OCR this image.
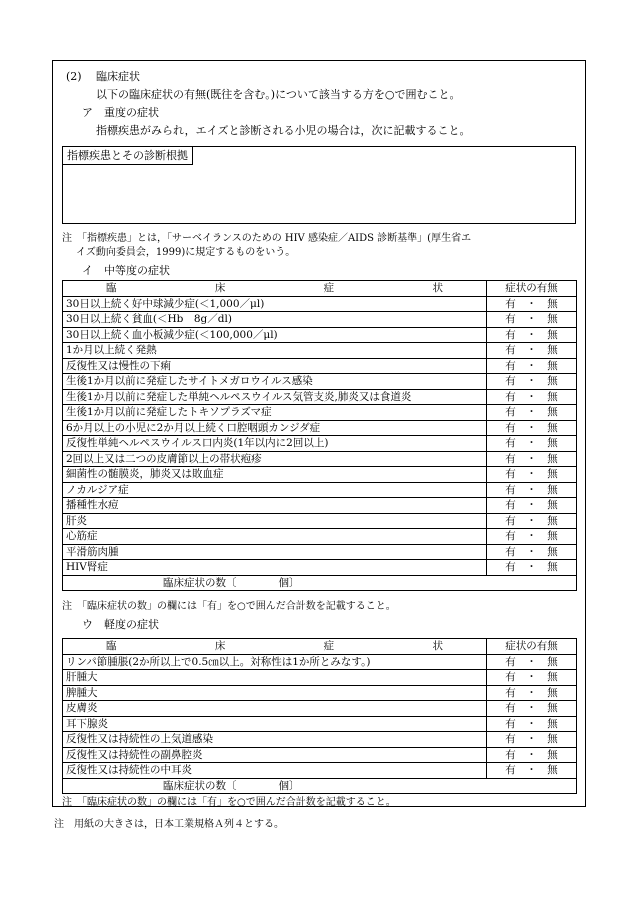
(2) 臨床症状
以下の臨床症状の有無(既往を含む。)について該当する方を○で囲むこと。
ア　重度の症状
指標疾患がみられ，エイズと診断される小児の場合は，次に記載すること。
指標疾患とその診断根拠
注　「指標疾患」とは，「サーベイランスのための HIV 感染症／AIDS 診断基準」(厚生省エ
イズ動向委員会，1999)に規定するものをいう。
イ　中等度の症状
臨 床 症 状	症状の有無
30日以上続く好中球減少症(＜1,000／μl)	有　・　無
30日以上続く貧血(＜Hb　8g／dl)	有　・　無
30日以上続く血小板減少症(＜100,000／μl)	有　・　無
1か月以上続く発熱	有　・　無
反復性又は慢性の下痢	有　・　無
生後1か月以前に発症したサイトメガロウイルス感染	有　・　無
生後1か月以前に発症した単純ヘルペスウイルス気管支炎,肺炎又は食道炎	有　・　無
生後1か月以前に発症したトキソプラズマ症	有　・　無
6か月以上の小児に2か月以上続く口腔咽頭カンジダ症	有　・　無
反復性単純ヘルペスウイルス口内炎(1年以内に2回以上)	有　・　無
2回以上又は二つの皮膚節以上の帯状疱疹	有　・　無
細菌性の髄膜炎，肺炎又は敗血症	有　・　無
ノカルジア症	有　・　無
播種性水痘	有　・　無
肝炎	有　・　無
心筋症	有　・　無
平滑筋肉腫	有　・　無
HIV腎症	有　・　無
臨床症状の数〔　　　　個〕	
注　「臨床症状の数」の欄には「有」を○で囲んだ合計数を記載すること。
ウ　軽度の症状
臨 床 症 状	症状の有無
リンパ節腫脹(2か所以上で0.5㎝以上。対称性は1か所とみなす。)	有　・　無
肝腫大	有　・　無
脾腫大	有　・　無
皮膚炎	有　・　無
耳下腺炎	有　・　無
反復性又は持続性の上気道感染	有　・　無
反復性又は持続性の副鼻腔炎	有　・　無
反復性又は持続性の中耳炎	有　・　無
臨床症状の数〔　　　　個〕	
注　「臨床症状の数」の欄には「有」を○で囲んだ合計数を記載すること。
注　用紙の大きさは，日本工業規格Ａ列４とする。
